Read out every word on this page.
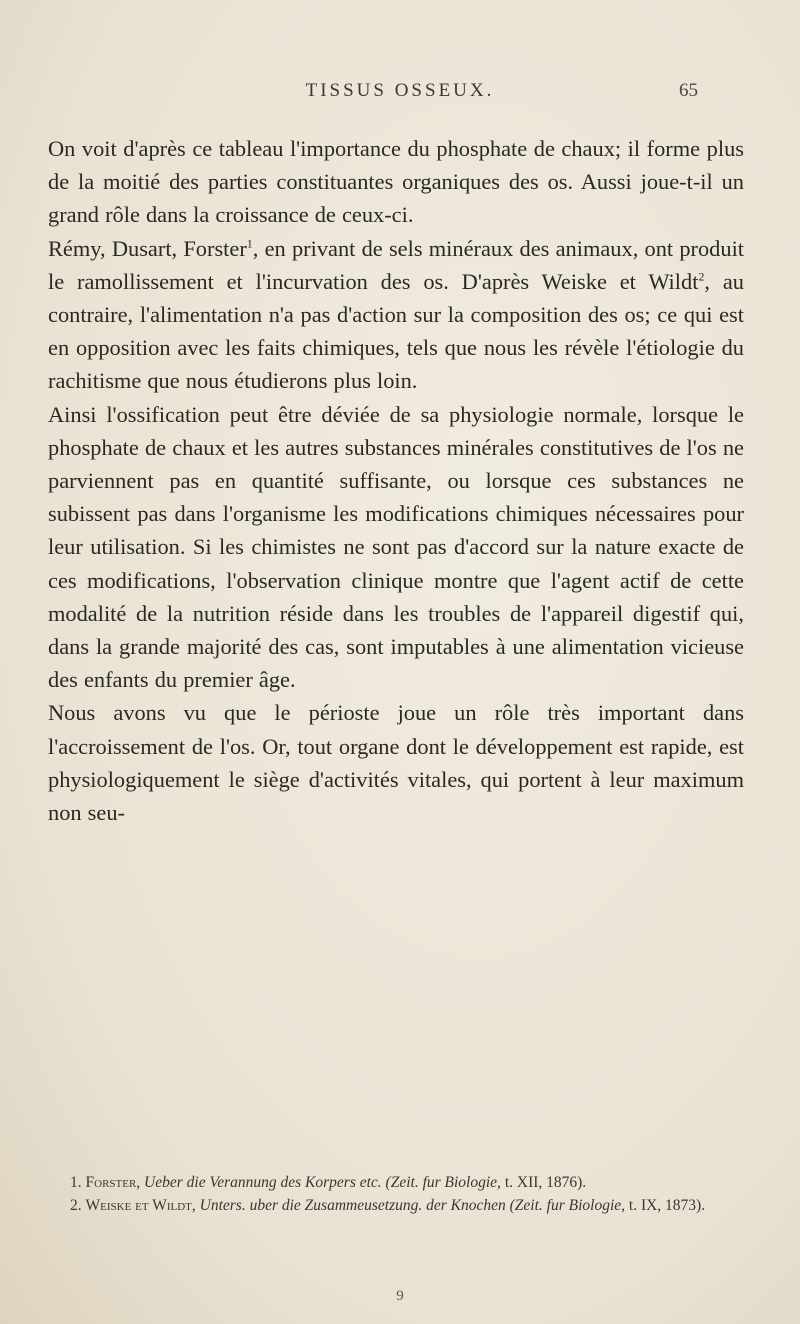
TISSUS OSSEUX.	65

On voit d'après ce tableau l'importance du phosphate de chaux; il forme plus de la moitié des parties constituantes organiques des os. Aussi joue-t-il un grand rôle dans la croissance de ceux-ci.

Rémy, Dusart, Forster$^1$, en privant de sels minéraux des animaux, ont produit le ramollissement et l'incurvation des os. D'après Weiske et Wildt$^2$, au contraire, l'alimentation n'a pas d'action sur la composition des os; ce qui est en opposition avec les faits chimiques, tels que nous les révèle l'étiologie du rachitisme que nous étudierons plus loin.

Ainsi l'ossification peut être déviée de sa physiologie normale, lorsque le phosphate de chaux et les autres substances minérales constitutives de l'os ne parviennent pas en quantité suffisante, ou lorsque ces substances ne subissent pas dans l'organisme les modifications chimiques nécessaires pour leur utilisation. Si les chimistes ne sont pas d'accord sur la nature exacte de ces modifications, l'observation clinique montre que l'agent actif de cette modalité de la nutrition réside dans les troubles de l'appareil digestif qui, dans la grande majorité des cas, sont imputables à une alimentation vicieuse des enfants du premier âge.

Nous avons vu que le périoste joue un rôle très important dans l'accroissement de l'os. Or, tout organe dont le développement est rapide, est physiologiquement le siège d'activités vitales, qui portent à leur maximum non seu-

1. Forster, Ueber die Verannung des Korpers etc. (Zeit. fur Biologie, t. XII, 1876).

2. Weiske et Wildt, Unters. uber die Zusammeusetzung. der Knochen (Zeit. fur Biologie, t. IX, 1873).

9
